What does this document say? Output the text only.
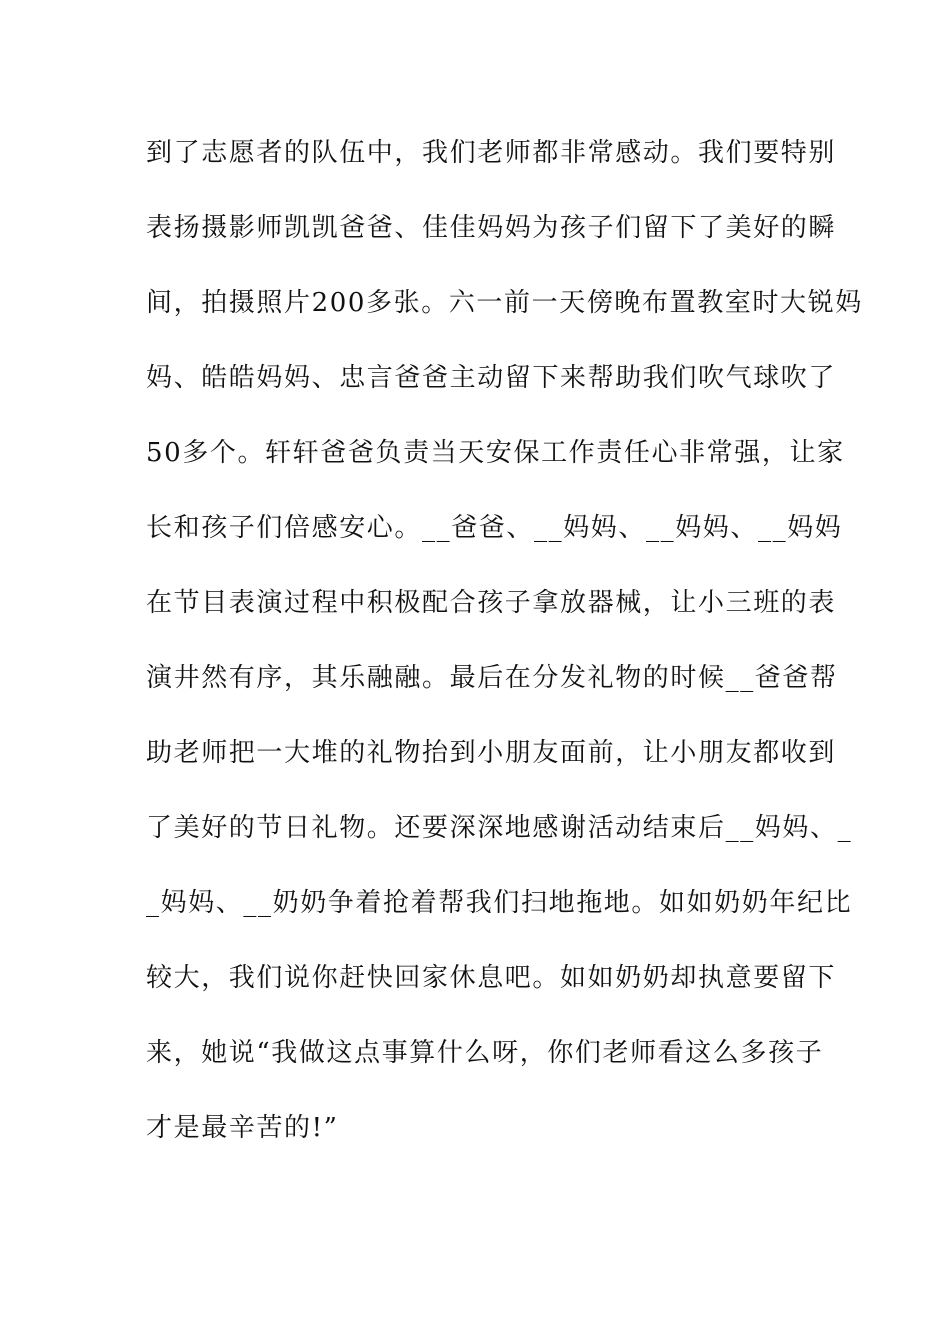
到了志愿者的队伍中，我们老师都非常感动。我们要特别
表扬摄影师凯凯爸爸、佳佳妈妈为孩子们留下了美好的瞬
间，拍摄照片200多张。六一前一天傍晚布置教室时大锐妈
妈、皓皓妈妈、忠言爸爸主动留下来帮助我们吹气球吹了
50多个。轩轩爸爸负责当天安保工作责任心非常强，让家
长和孩子们倍感安心。__爸爸、__妈妈、__妈妈、__妈妈
在节目表演过程中积极配合孩子拿放器械，让小三班的表
演井然有序，其乐融融。最后在分发礼物的时候__爸爸帮
助老师把一大堆的礼物抬到小朋友面前，让小朋友都收到
了美好的节日礼物。还要深深地感谢活动结束后__妈妈、_
_妈妈、__奶奶争着抢着帮我们扫地拖地。如如奶奶年纪比
较大，我们说你赶快回家休息吧。如如奶奶却执意要留下
来，她说“我做这点事算什么呀，你们老师看这么多孩子
才是最辛苦的!”
